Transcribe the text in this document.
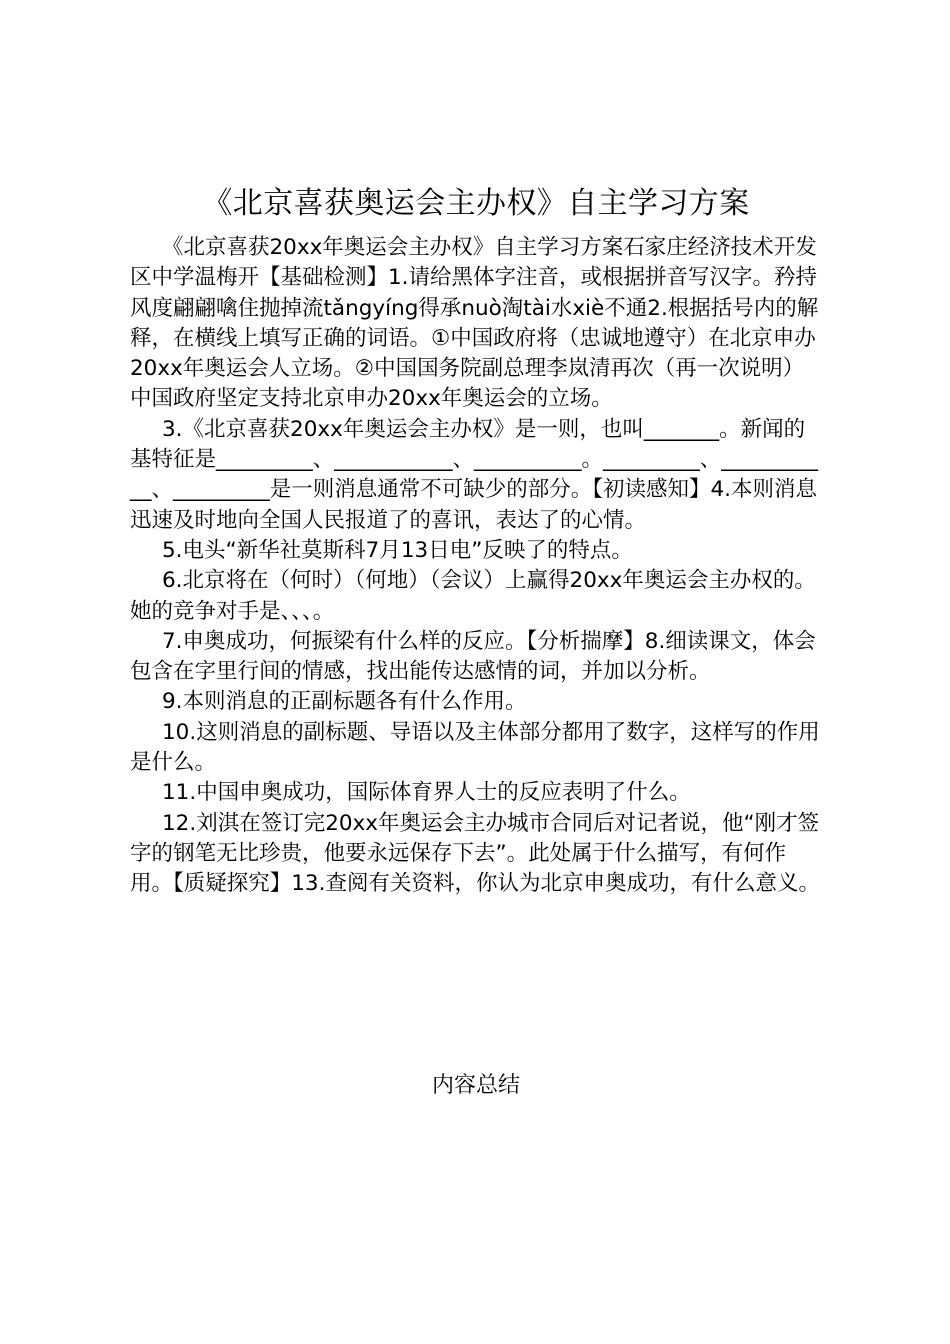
《北京喜获奥运会主办权》自主学习方案

《北京喜获20xx年奥运会主办权》自主学习方案石家庄经济技术开发区中学温梅开【基础检测】1.请给黑体字注音，或根据拼音写汉字。矜持风度翩翩噙住抛掉流tǎngyíng得承nuò淘tài水xiè不通2.根据括号内的解释，在横线上填写正确的词语。①中国政府将（忠诚地遵守）在北京申办20xx年奥运会人立场。②中国国务院副总理李岚清再次（再一次说明）中国政府坚定支持北京申办20xx年奥运会的立场。

3.《北京喜获20xx年奥运会主办权》是一则，也叫_______。新闻的基特征是_________、___________、__________。_________、___________、_________是一则消息通常不可缺少的部分。【初读感知】4.本则消息迅速及时地向全国人民报道了的喜讯，表达了的心情。

5.电头“新华社莫斯科7月13日电”反映了的特点。

6.北京将在（何时）（何地）（会议）上赢得20xx年奥运会主办权的。她的竞争对手是、、、。

7.申奥成功，何振梁有什么样的反应。【分析揣摩】8.细读课文，体会包含在字里行间的情感，找出能传达感情的词，并加以分析。

9.本则消息的正副标题各有什么作用。

10.这则消息的副标题、导语以及主体部分都用了数字，这样写的作用是什么。

11.中国申奥成功，国际体育界人士的反应表明了什么。

12.刘淇在签订完20xx年奥运会主办城市合同后对记者说，他“刚才签字的钢笔无比珍贵，他要永远保存下去”。此处属于什么描写，有何作用。【质疑探究】13.查阅有关资料，你认为北京申奥成功，有什么意义。

内容总结
